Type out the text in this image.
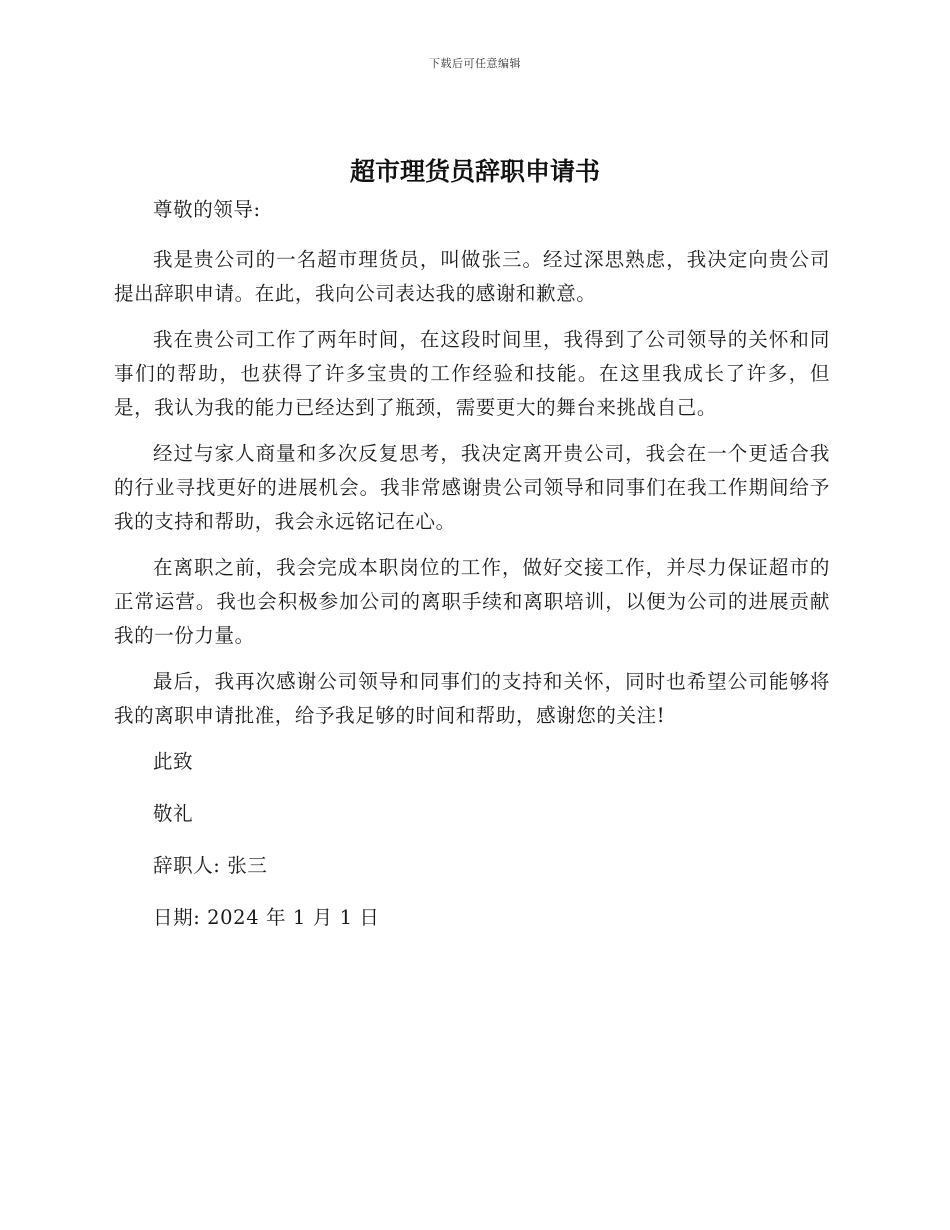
下载后可任意编辑
超市理货员辞职申请书

尊敬的领导:

我是贵公司的一名超市理货员，叫做张三。经过深思熟虑，我决定向贵公司提出辞职申请。在此，我向公司表达我的感谢和歉意。

我在贵公司工作了两年时间，在这段时间里，我得到了公司领导的关怀和同事们的帮助，也获得了许多宝贵的工作经验和技能。在这里我成长了许多，但是，我认为我的能力已经达到了瓶颈，需要更大的舞台来挑战自己。

经过与家人商量和多次反复思考，我决定离开贵公司，我会在一个更适合我的行业寻找更好的进展机会。我非常感谢贵公司领导和同事们在我工作期间给予我的支持和帮助，我会永远铭记在心。

在离职之前，我会完成本职岗位的工作，做好交接工作，并尽力保证超市的正常运营。我也会积极参加公司的离职手续和离职培训，以便为公司的进展贡献我的一份力量。

最后，我再次感谢公司领导和同事们的支持和关怀，同时也希望公司能够将我的离职申请批准，给予我足够的时间和帮助，感谢您的关注!

此致

敬礼

辞职人: 张三

日期: 2024 年 1 月 1 日
